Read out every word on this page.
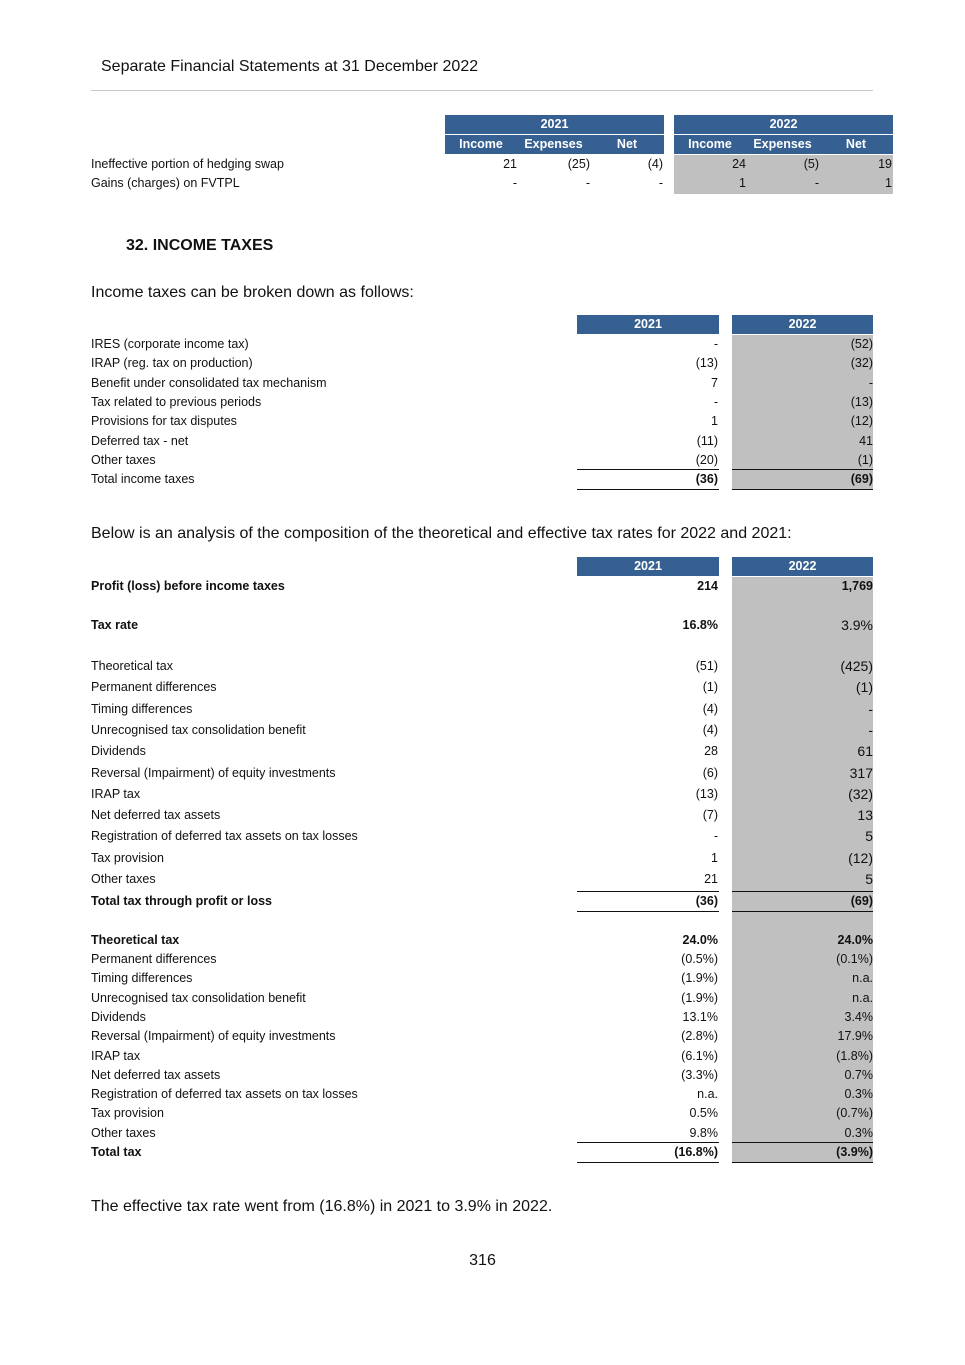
Separate Financial Statements at 31 December 2022
2021	2022
Income	Expenses	Net	Income	Expenses	Net
Ineffective portion of hedging swap	21	(25)	(4)	24	(5)	19
Gains (charges) on FVTPL	-	-	-	1	-	1
32. INCOME TAXES
Income taxes can be broken down as follows:
2021	2022
IRES (corporate income tax)	-	(52)
IRAP (reg. tax on production)	(13)	(32)
Benefit under consolidated tax mechanism	7	-
Tax related to previous periods	-	(13)
Provisions for tax disputes	1	(12)
Deferred tax - net	(11)	41
Other taxes	(20)	(1)
Total income taxes	(36)	(69)
Below is an analysis of the composition of the theoretical and effective tax rates for 2022 and 2021:
2021	2022
Profit (loss) before income taxes	214	1,769
Tax rate	16.8%	3.9%
Theoretical tax	(51)	(425)
Permanent differences	(1)	(1)
Timing differences	(4)	-
Unrecognised tax consolidation benefit	(4)	-
Dividends	28	61
Reversal (Impairment) of equity investments	(6)	317
IRAP tax	(13)	(32)
Net deferred tax assets	(7)	13
Registration of deferred tax assets on tax losses	-	5
Tax provision	1	(12)
Other taxes	21	5
Total tax through profit or loss	(36)	(69)
Theoretical tax	24.0%	24.0%
Permanent differences	(0.5%)	(0.1%)
Timing differences	(1.9%)	n.a.
Unrecognised tax consolidation benefit	(1.9%)	n.a.
Dividends	13.1%	3.4%
Reversal (Impairment) of equity investments	(2.8%)	17.9%
IRAP tax	(6.1%)	(1.8%)
Net deferred tax assets	(3.3%)	0.7%
Registration of deferred tax assets on tax losses	n.a.	0.3%
Tax provision	0.5%	(0.7%)
Other taxes	9.8%	0.3%
Total tax	(16.8%)	(3.9%)
The effective tax rate went from (16.8%) in 2021 to 3.9% in 2022.
316
